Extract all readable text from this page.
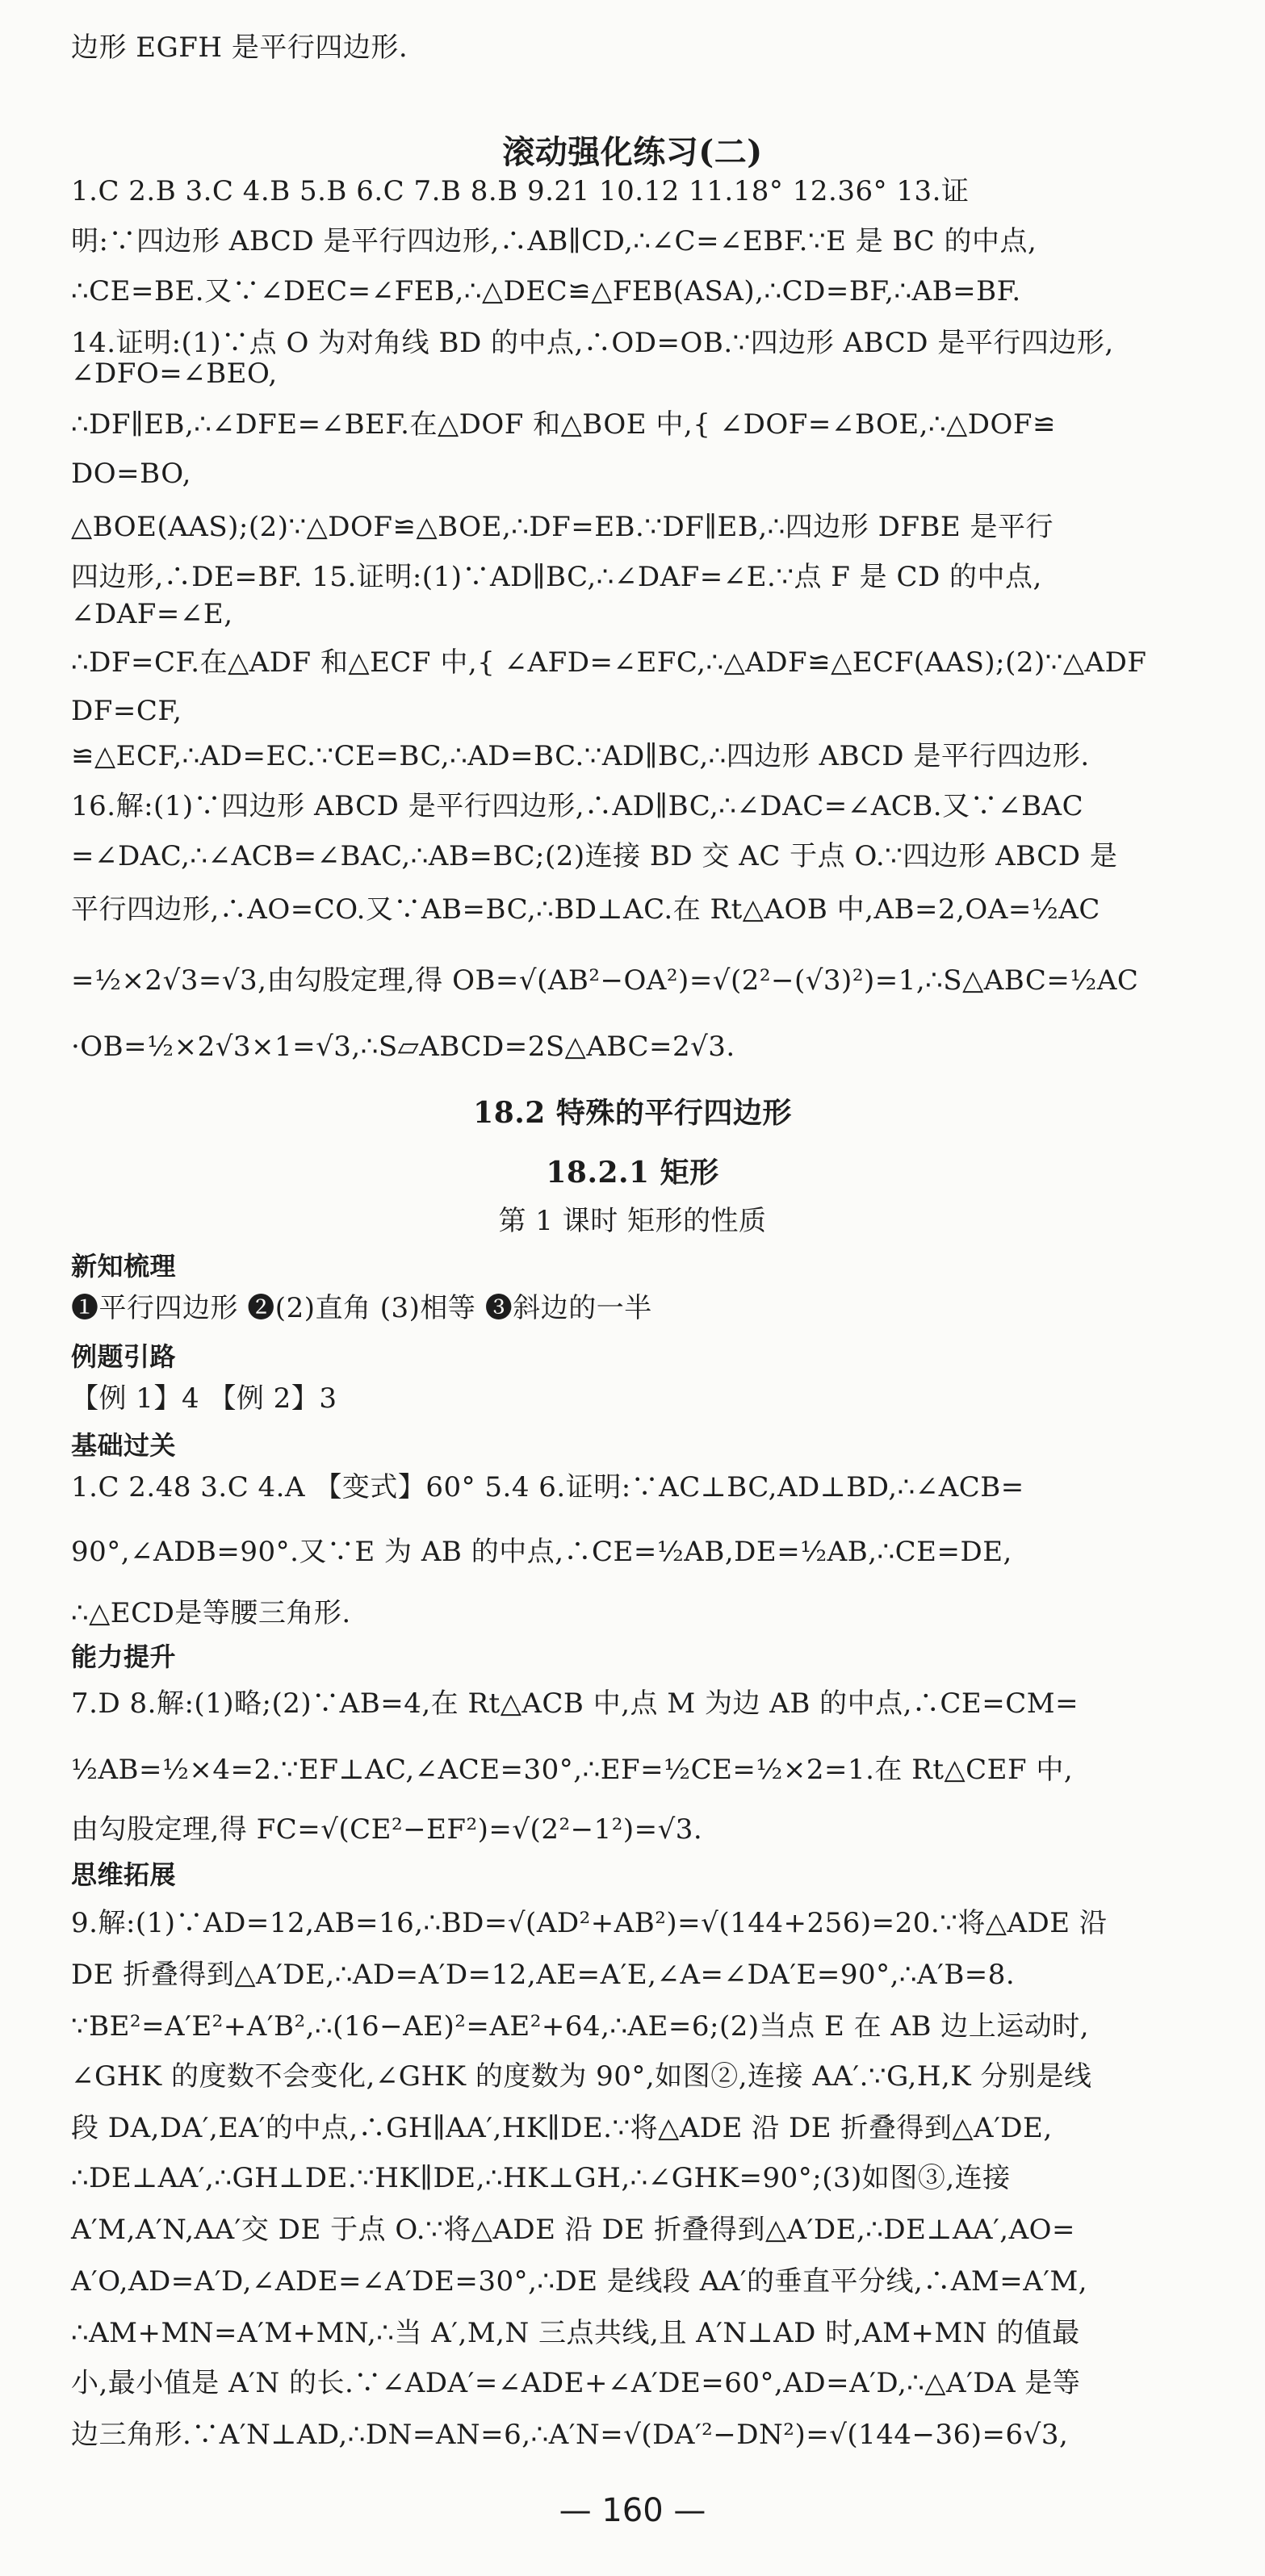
边形 EGFH 是平行四边形.
滚动强化练习(二)
1.C 2.B 3.C 4.B 5.B 6.C 7.B 8.B 9.21 10.12 11.18° 12.36° 13.证
明:∵四边形 ABCD 是平行四边形,∴AB∥CD,∴∠C=∠EBF.∵E 是 BC 的中点,
∴CE=BE.又∵∠DEC=∠FEB,∴△DEC≌△FEB(ASA),∴CD=BF,∴AB=BF.
14.证明:(1)∵点 O 为对角线 BD 的中点,∴OD=OB.∵四边形 ABCD 是平行四边形,
∠DFO=∠BEO,
∴DF∥EB,∴∠DFE=∠BEF.在△DOF 和△BOE 中,{ ∠DOF=∠BOE,∴△DOF≌
DO=BO,
△BOE(AAS);(2)∵△DOF≌△BOE,∴DF=EB.∵DF∥EB,∴四边形 DFBE 是平行
四边形,∴DE=BF. 15.证明:(1)∵AD∥BC,∴∠DAF=∠E.∵点 F 是 CD 的中点,
∠DAF=∠E,
∴DF=CF.在△ADF 和△ECF 中,{ ∠AFD=∠EFC,∴△ADF≌△ECF(AAS);(2)∵△ADF
DF=CF,
≌△ECF,∴AD=EC.∵CE=BC,∴AD=BC.∵AD∥BC,∴四边形 ABCD 是平行四边形.
16.解:(1)∵四边形 ABCD 是平行四边形,∴AD∥BC,∴∠DAC=∠ACB.又∵∠BAC
=∠DAC,∴∠ACB=∠BAC,∴AB=BC;(2)连接 BD 交 AC 于点 O.∵四边形 ABCD 是
平行四边形,∴AO=CO.又∵AB=BC,∴BD⊥AC.在 Rt△AOB 中,AB=2,OA=½AC
=½×2√3=√3,由勾股定理,得 OB=√(AB²−OA²)=√(2²−(√3)²)=1,∴S△ABC=½AC
·OB=½×2√3×1=√3,∴S▱ABCD=2S△ABC=2√3.
18.2 特殊的平行四边形
18.2.1 矩形
第 1 课时 矩形的性质
新知梳理
❶平行四边形 ❷(2)直角 (3)相等 ❸斜边的一半
例题引路
【例 1】4 【例 2】3
基础过关
1.C 2.48 3.C 4.A 【变式】60° 5.4 6.证明:∵AC⊥BC,AD⊥BD,∴∠ACB=
90°,∠ADB=90°.又∵E 为 AB 的中点,∴CE=½AB,DE=½AB,∴CE=DE,
∴△ECD是等腰三角形.
能力提升
7.D 8.解:(1)略;(2)∵AB=4,在 Rt△ACB 中,点 M 为边 AB 的中点,∴CE=CM=
½AB=½×4=2.∵EF⊥AC,∠ACE=30°,∴EF=½CE=½×2=1.在 Rt△CEF 中,
由勾股定理,得 FC=√(CE²−EF²)=√(2²−1²)=√3.
思维拓展
9.解:(1)∵AD=12,AB=16,∴BD=√(AD²+AB²)=√(144+256)=20.∵将△ADE 沿
DE 折叠得到△A′DE,∴AD=A′D=12,AE=A′E,∠A=∠DA′E=90°,∴A′B=8.
∵BE²=A′E²+A′B²,∴(16−AE)²=AE²+64,∴AE=6;(2)当点 E 在 AB 边上运动时,
∠GHK 的度数不会变化,∠GHK 的度数为 90°,如图②,连接 AA′.∵G,H,K 分别是线
段 DA,DA′,EA′的中点,∴GH∥AA′,HK∥DE.∵将△ADE 沿 DE 折叠得到△A′DE,
∴DE⊥AA′,∴GH⊥DE.∵HK∥DE,∴HK⊥GH,∴∠GHK=90°;(3)如图③,连接
A′M,A′N,AA′交 DE 于点 O.∵将△ADE 沿 DE 折叠得到△A′DE,∴DE⊥AA′,AO=
A′O,AD=A′D,∠ADE=∠A′DE=30°,∴DE 是线段 AA′的垂直平分线,∴AM=A′M,
∴AM+MN=A′M+MN,∴当 A′,M,N 三点共线,且 A′N⊥AD 时,AM+MN 的值最
小,最小值是 A′N 的长.∵∠ADA′=∠ADE+∠A′DE=60°,AD=A′D,∴△A′DA 是等
边三角形.∵A′N⊥AD,∴DN=AN=6,∴A′N=√(DA′²−DN²)=√(144−36)=6√3,
— 160 —
